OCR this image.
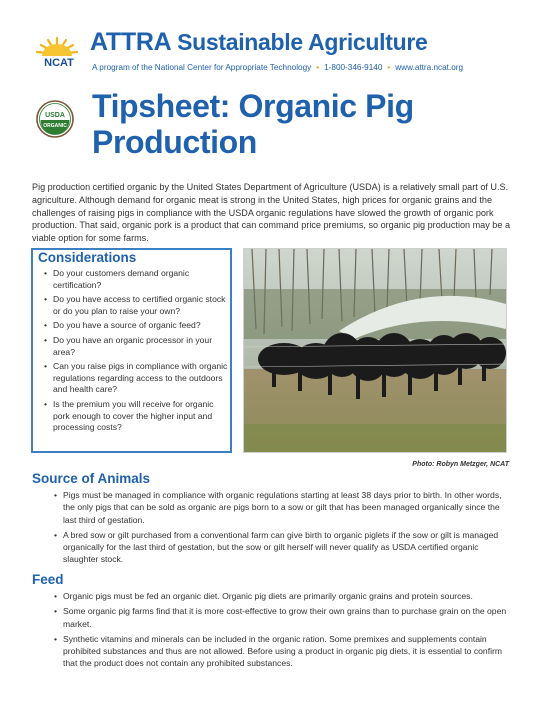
NCAT
ATTRA Sustainable Agriculture
A program of the National Center for Appropriate Technology • 1-800-346-9140 • www.attra.ncat.org
USDA
ORGANIC
Tipsheet: Organic Pig Production
Pig production certified organic by the United States Department of Agriculture (USDA) is a relatively small part of U.S. agriculture. Although demand for organic meat is strong in the United States, high prices for organic grains and the challenges of raising pigs in compliance with the USDA organic regulations have slowed the growth of organic pork production. That said, organic pork is a product that can command price premiums, so organic pig production may be a viable option for some farms.
Considerations
• Do your customers demand organic certification?
• Do you have access to certified organic stock or do you plan to raise your own?
• Do you have a source of organic feed?
• Do you have an organic processor in your area?
• Can you raise pigs in compliance with organic regulations regarding access to the outdoors and health care?
• Is the premium you will receive for organic pork enough to cover the higher input and processing costs?
Photo: Robyn Metzger, NCAT
Source of Animals
• Pigs must be managed in compliance with organic regulations starting at least 38 days prior to birth. In other words, the only pigs that can be sold as organic are pigs born to a sow or gilt that has been managed organically since the last third of gestation.
• A bred sow or gilt purchased from a conventional farm can give birth to organic piglets if the sow or gilt is managed organically for the last third of gestation, but the sow or gilt herself will never qualify as USDA certified organic slaughter stock.
Feed
• Organic pigs must be fed an organic diet. Organic pig diets are primarily organic grains and protein sources.
• Some organic pig farms find that it is more cost-effective to grow their own grains than to purchase grain on the open market.
• Synthetic vitamins and minerals can be included in the organic ration. Some premixes and supplements contain prohibited substances and thus are not allowed. Before using a product in organic pig diets, it is essential to confirm that the product does not contain any prohibited substances.
